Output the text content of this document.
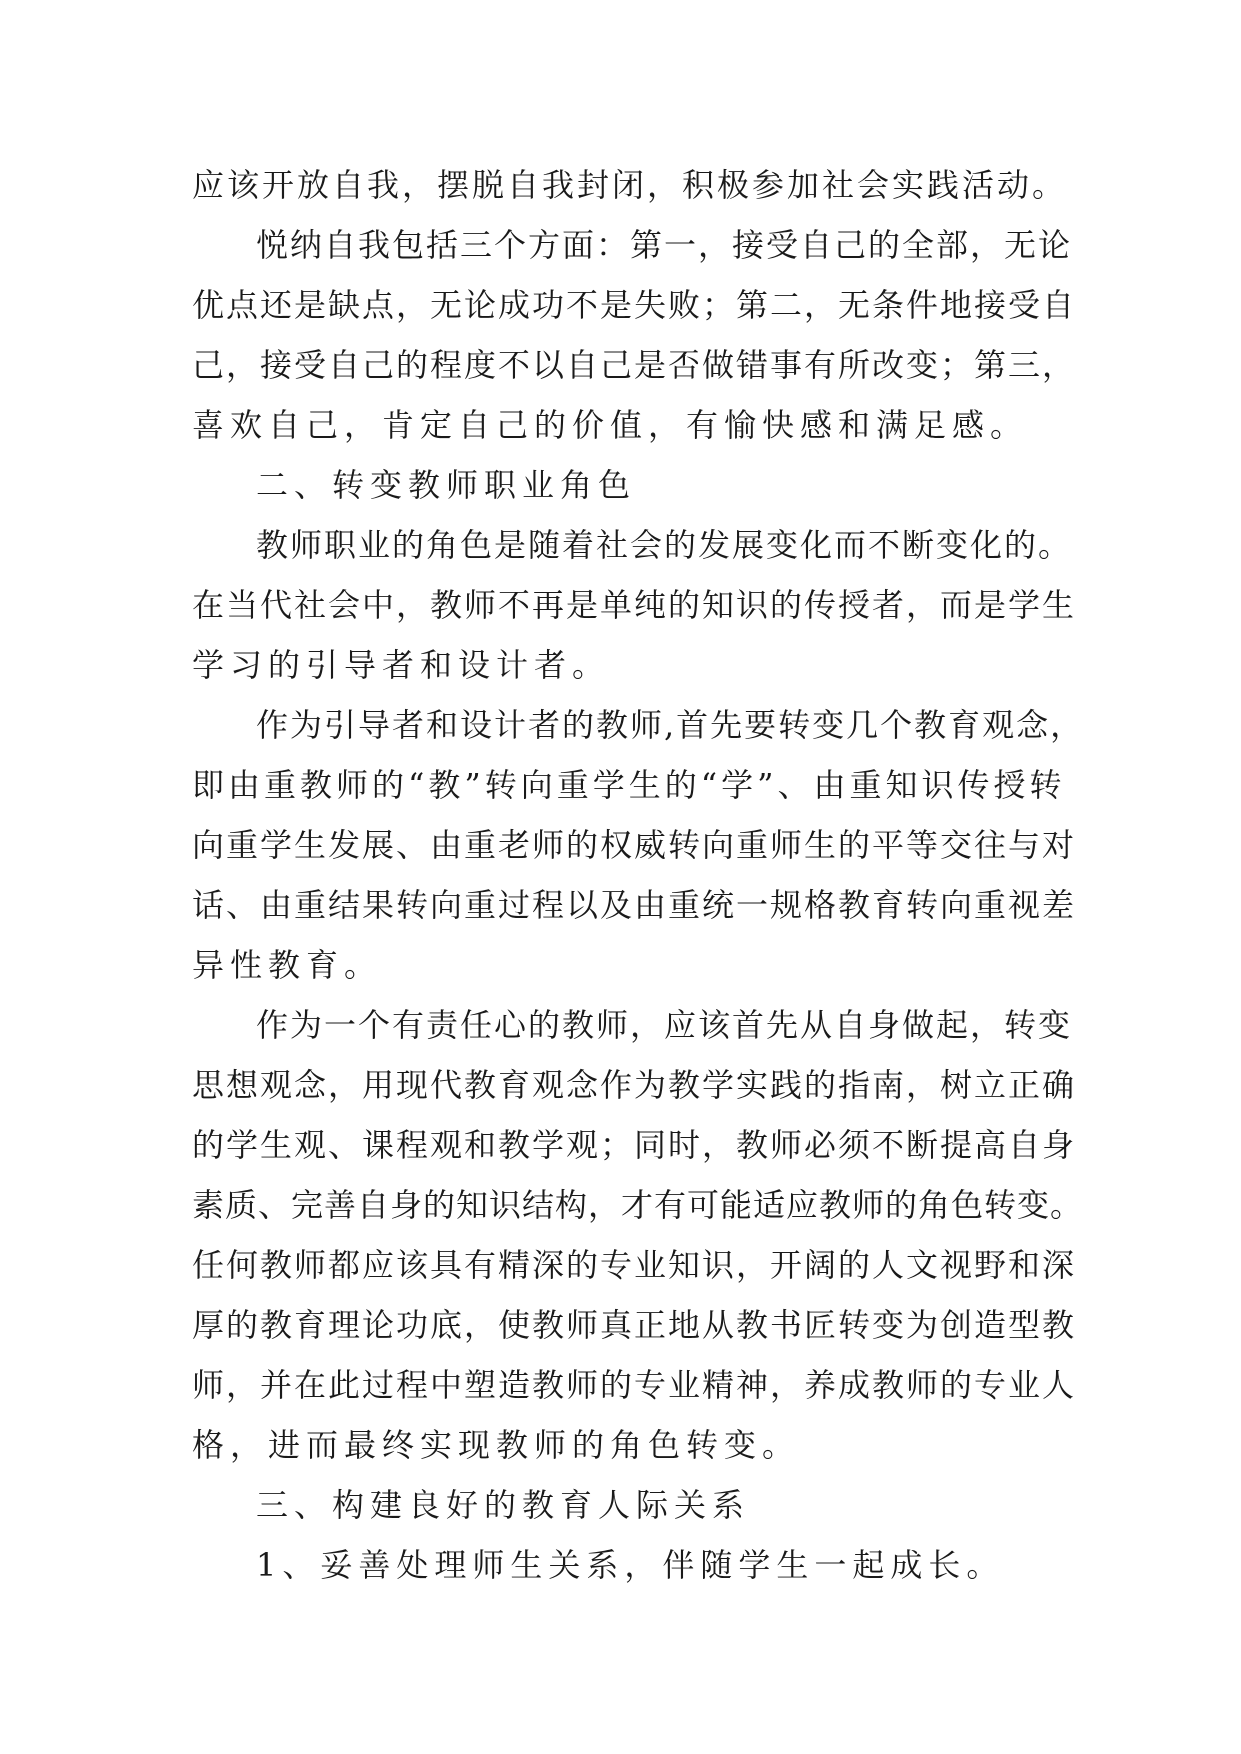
应该开放自我，摆脱自我封闭，积极参加社会实践活动。
悦纳自我包括三个方面：第一，接受自己的全部，无论
优点还是缺点，无论成功不是失败；第二，无条件地接受自
己，接受自己的程度不以自己是否做错事有所改变；第三，
喜欢自己，肯定自己的价值，有愉快感和满足感。
二、转变教师职业角色
教师职业的角色是随着社会的发展变化而不断变化的。
在当代社会中，教师不再是单纯的知识的传授者，而是学生
学习的引导者和设计者。
作为引导者和设计者的教师,首先要转变几个教育观念，
即由重教师的“教”转向重学生的“学”、由重知识传授转
向重学生发展、由重老师的权威转向重师生的平等交往与对
话、由重结果转向重过程以及由重统一规格教育转向重视差
异性教育。
作为一个有责任心的教师，应该首先从自身做起，转变
思想观念，用现代教育观念作为教学实践的指南，树立正确
的学生观、课程观和教学观；同时，教师必须不断提高自身
素质、完善自身的知识结构，才有可能适应教师的角色转变。
任何教师都应该具有精深的专业知识，开阔的人文视野和深
厚的教育理论功底，使教师真正地从教书匠转变为创造型教
师，并在此过程中塑造教师的专业精神，养成教师的专业人
格，进而最终实现教师的角色转变。
三、构建良好的教育人际关系
1、妥善处理师生关系，伴随学生一起成长。
